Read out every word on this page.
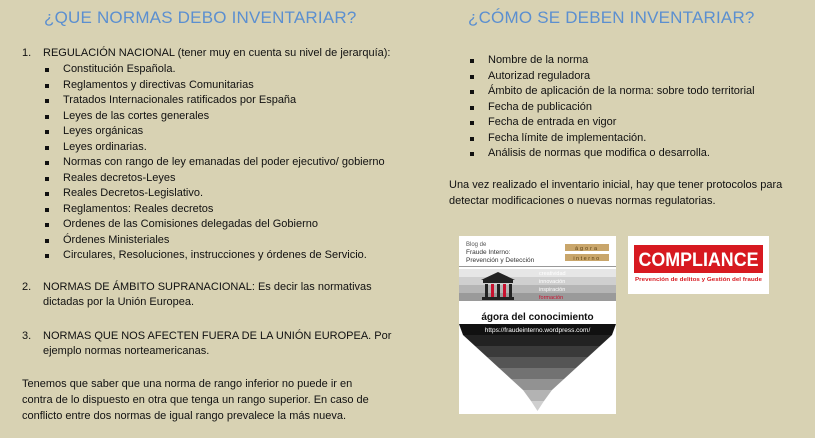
¿QUE NORMAS DEBO INVENTARIAR?
1. REGULACIÓN NACIONAL (tener muy en cuenta su nivel de jerarquía):
Constitución Española.
Reglamentos y directivas Comunitarias
Tratados Internacionales ratificados por España
Leyes de las cortes generales
Leyes orgánicas
Leyes ordinarias.
Normas con rango de ley emanadas del poder ejecutivo/ gobierno
Reales decretos-Leyes
Reales Decretos-Legislativo.
Reglamentos: Reales decretos
Ordenes de las Comisiones delegadas del Gobierno
Órdenes Ministeriales
Circulares, Resoluciones, instrucciones y órdenes de Servicio.
2. NORMAS DE ÁMBITO SUPRANACIONAL: Es decir las normativas
dictadas por la Unión Europea.
3. NORMAS QUE NOS AFECTEN FUERA DE LA UNIÓN EUROPEA. Por
ejemplo normas norteamericanas.
Tenemos que saber que una norma de rango inferior no puede ir en
contra de lo dispuesto en otra que tenga un rango superior. En caso de
conflicto entre dos normas de igual rango prevalece la más nueva.
¿CÓMO SE DEBEN INVENTARIAR?
Nombre de la norma
Autorizad reguladora
Ámbito de aplicación de la norma: sobre todo territorial
Fecha de publicación
Fecha de entrada en vigor
Fecha límite de implementación.
Análisis de normas que modifica o desarrolla.
Una vez realizado el inventario inicial, hay que tener protocolos para
detectar modificaciones o nuevas normas regulatorias.
Blog de
Fraude Interno:
Prevención y Detección
ágora
interno
creatividad
innovación
inspiración
formación
ágora del conocimiento
https://fraudeinterno.wordpress.com/
COMPLIANCE
Prevención de delitos y Gestión del fraude
